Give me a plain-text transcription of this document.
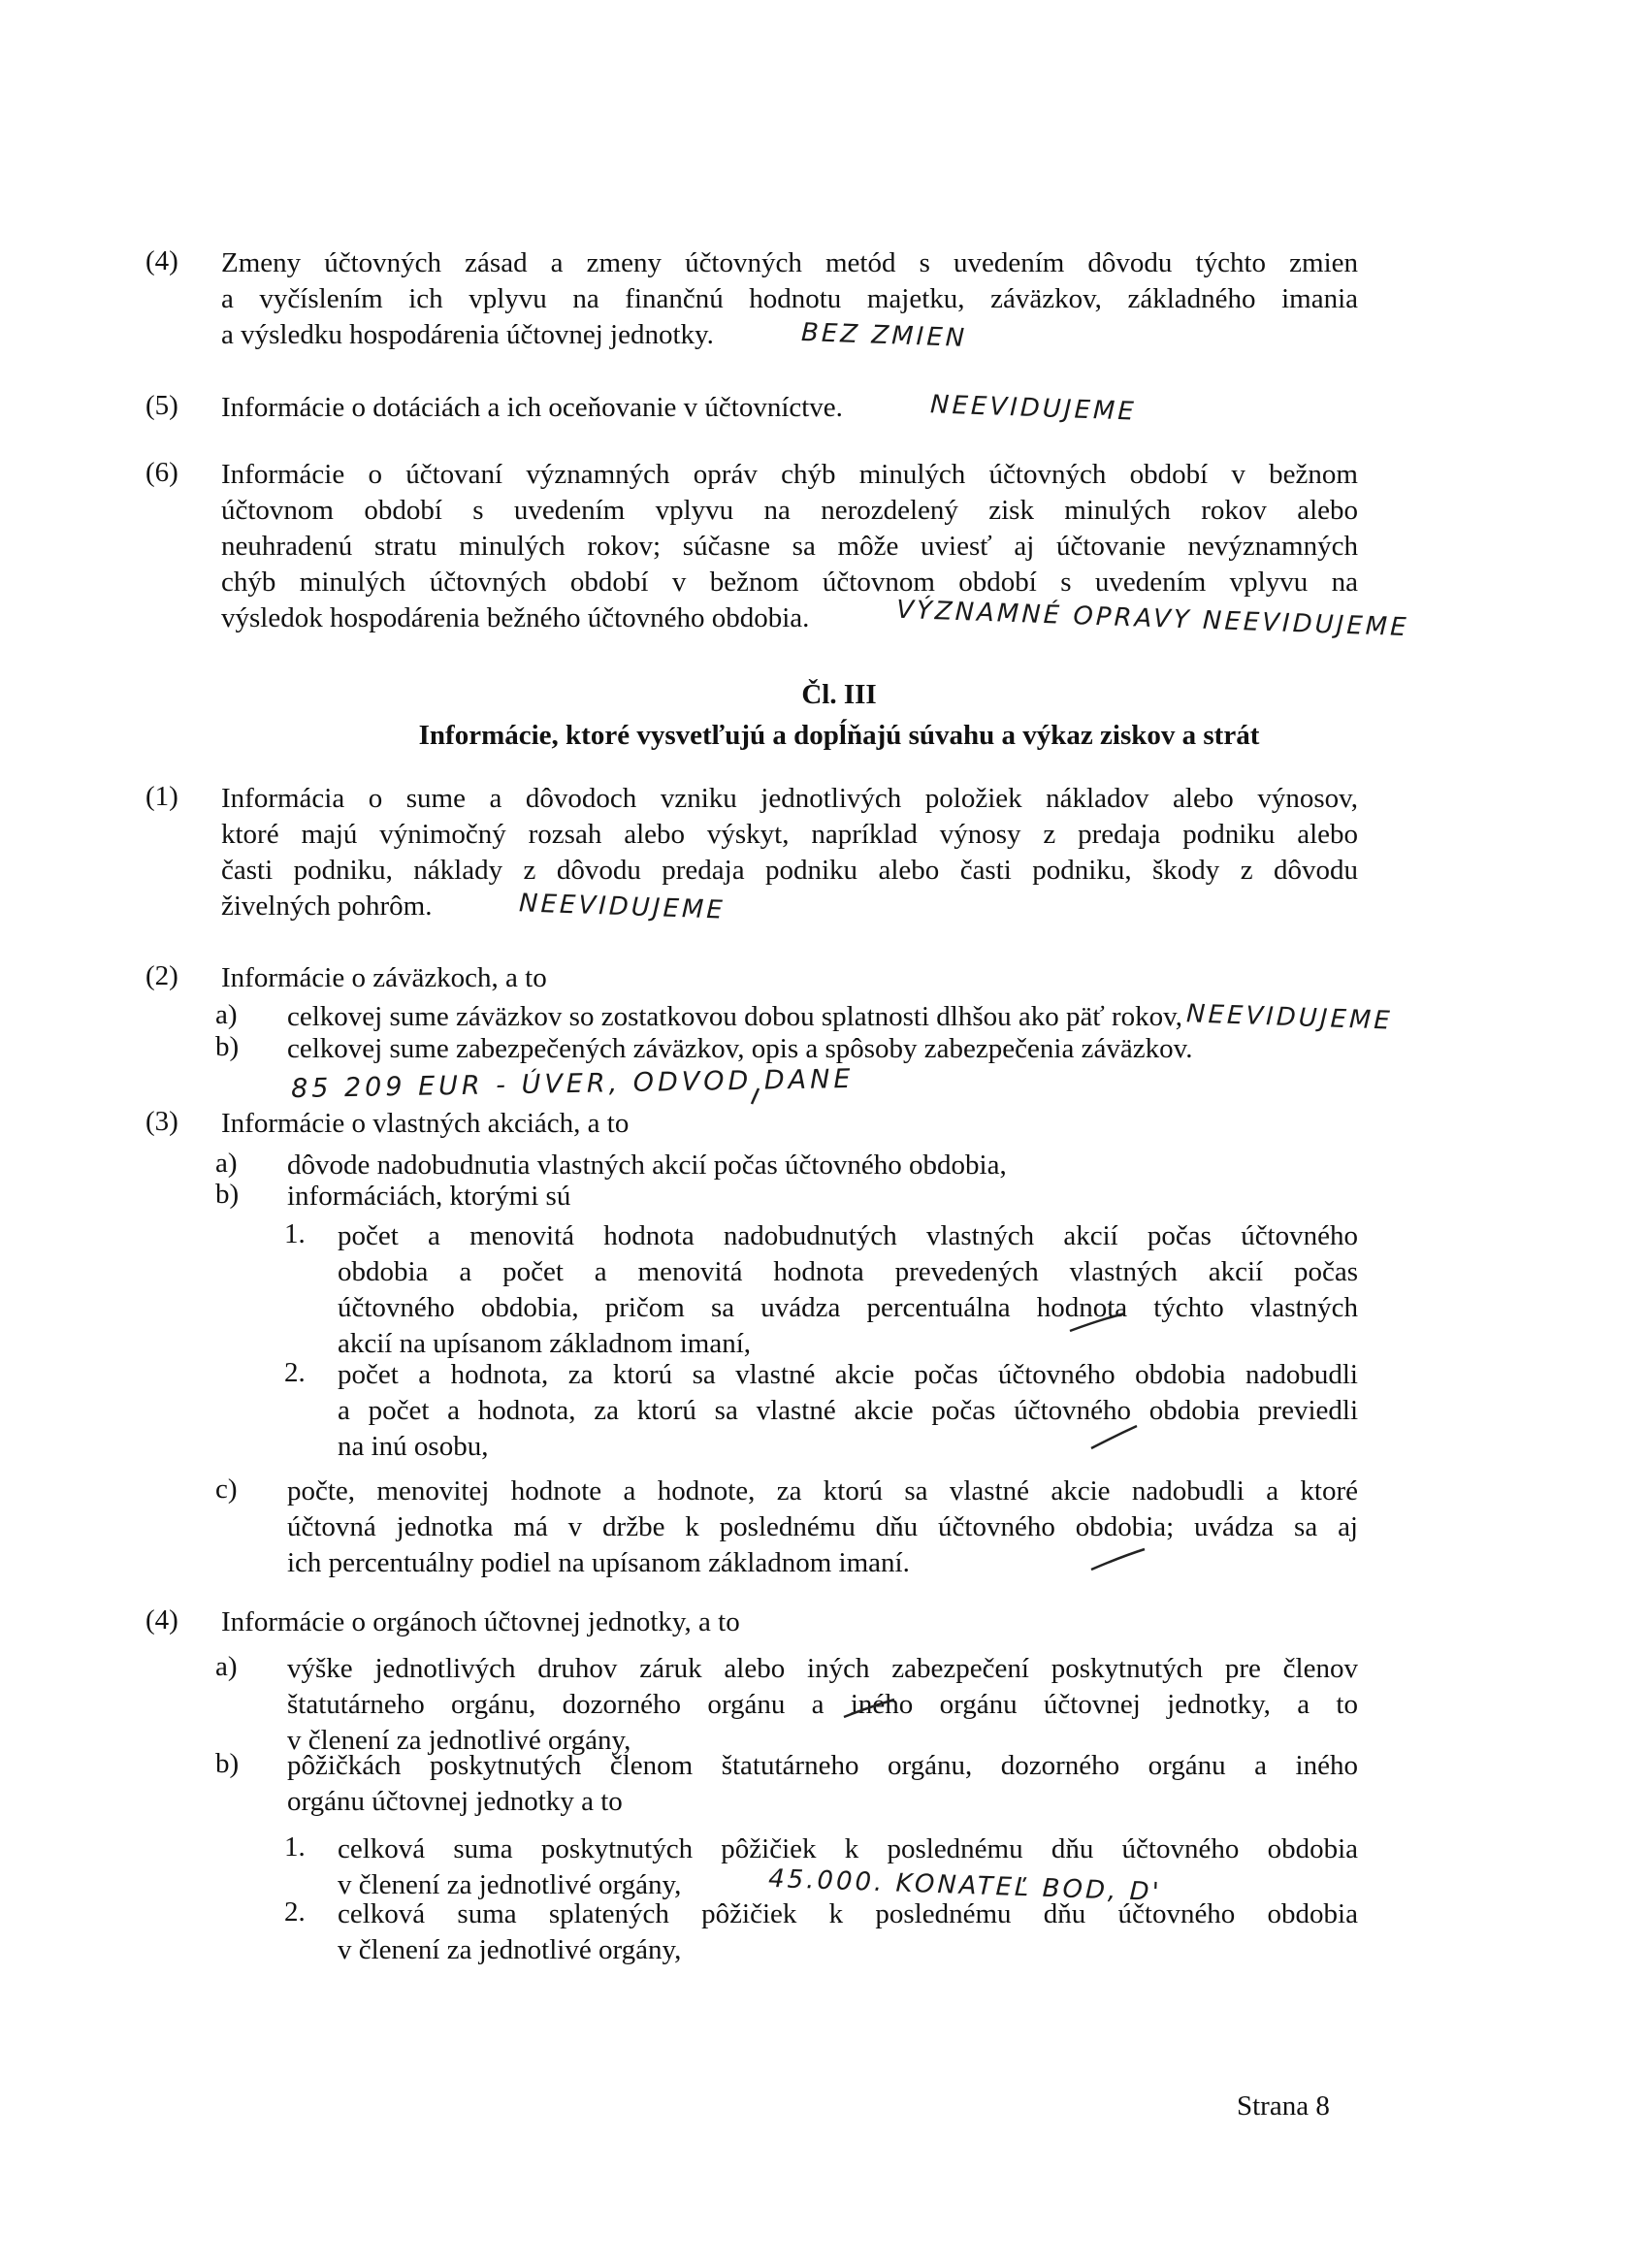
(4) Zmeny účtovných zásad a zmeny účtovných metód s uvedením dôvodu týchto zmien
a vyčíslením ich vplyvu na finančnú hodnotu majetku, záväzkov, základného imania
a výsledku hospodárenia účtovnej jednotky.	BEZ ZMIEN
(5) Informácie o dotáciách a ich oceňovanie v účtovníctve.	NEEVIDUJEME
(6) Informácie o účtovaní významných opráv chýb minulých účtovných období v bežnom
účtovnom období s uvedením vplyvu na nerozdelený zisk minulých rokov alebo
neuhradenú stratu minulých rokov; súčasne sa môže uviesť aj účtovanie nevýznamných
chýb minulých účtovných období v bežnom účtovnom období s uvedením vplyvu na
výsledok hospodárenia bežného účtovného obdobia.	VÝZNAMNÉ OPRAVY NEEVIDUJEME
Čl. III
Informácie, ktoré vysvetľujú a dopĺňajú súvahu a výkaz ziskov a strát
(1) Informácia o sume a dôvodoch vzniku jednotlivých položiek nákladov alebo výnosov,
ktoré majú výnimočný rozsah alebo výskyt, napríklad výnosy z predaja podniku alebo
časti podniku, náklady z dôvodu predaja podniku alebo časti podniku, škody z dôvodu
živelných pohrôm.	NEEVIDUJEME
(2) Informácie o záväzkoch, a to
a) celkovej sume záväzkov so zostatkovou dobou splatnosti dlhšou ako päť rokov, NEEVIDUJEME
b) celkovej sume zabezpečených záväzkov, opis a spôsoby zabezpečenia záväzkov.
85 209 EUR - ÚVER, ODVOD DANE
(3) Informácie o vlastných akciách, a to
a) dôvode nadobudnutia vlastných akcií počas účtovného obdobia,
b) informáciách, ktorými sú
1. počet a menovitá hodnota nadobudnutých vlastných akcií počas účtovného
obdobia a počet a menovitá hodnota prevedených vlastných akcií počas
účtovného obdobia, pričom sa uvádza percentuálna hodnota týchto vlastných
akcií na upísanom základnom imaní,
2. počet a hodnota, za ktorú sa vlastné akcie počas účtovného obdobia nadobudli
a počet a hodnota, za ktorú sa vlastné akcie počas účtovného obdobia previedli
na inú osobu,
c) počte, menovitej hodnote a hodnote, za ktorú sa vlastné akcie nadobudli a ktoré
účtovná jednotka má v držbe k poslednému dňu účtovného obdobia; uvádza sa aj
ich percentuálny podiel na upísanom základnom imaní.
(4) Informácie o orgánoch účtovnej jednotky, a to
a) výške jednotlivých druhov záruk alebo iných zabezpečení poskytnutých pre členov
štatutárneho orgánu, dozorného orgánu a iného orgánu účtovnej jednotky, a to
v členení za jednotlivé orgány,
b) pôžičkách poskytnutých členom štatutárneho orgánu, dozorného orgánu a iného
orgánu účtovnej jednotky a to
1. celková suma poskytnutých pôžičiek k poslednému dňu účtovného obdobia
v členení za jednotlivé orgány,	45.000. KONATEĽ BOD, D'
2. celková suma splatených pôžičiek k poslednému dňu účtovného obdobia
v členení za jednotlivé orgány,
Strana 8
